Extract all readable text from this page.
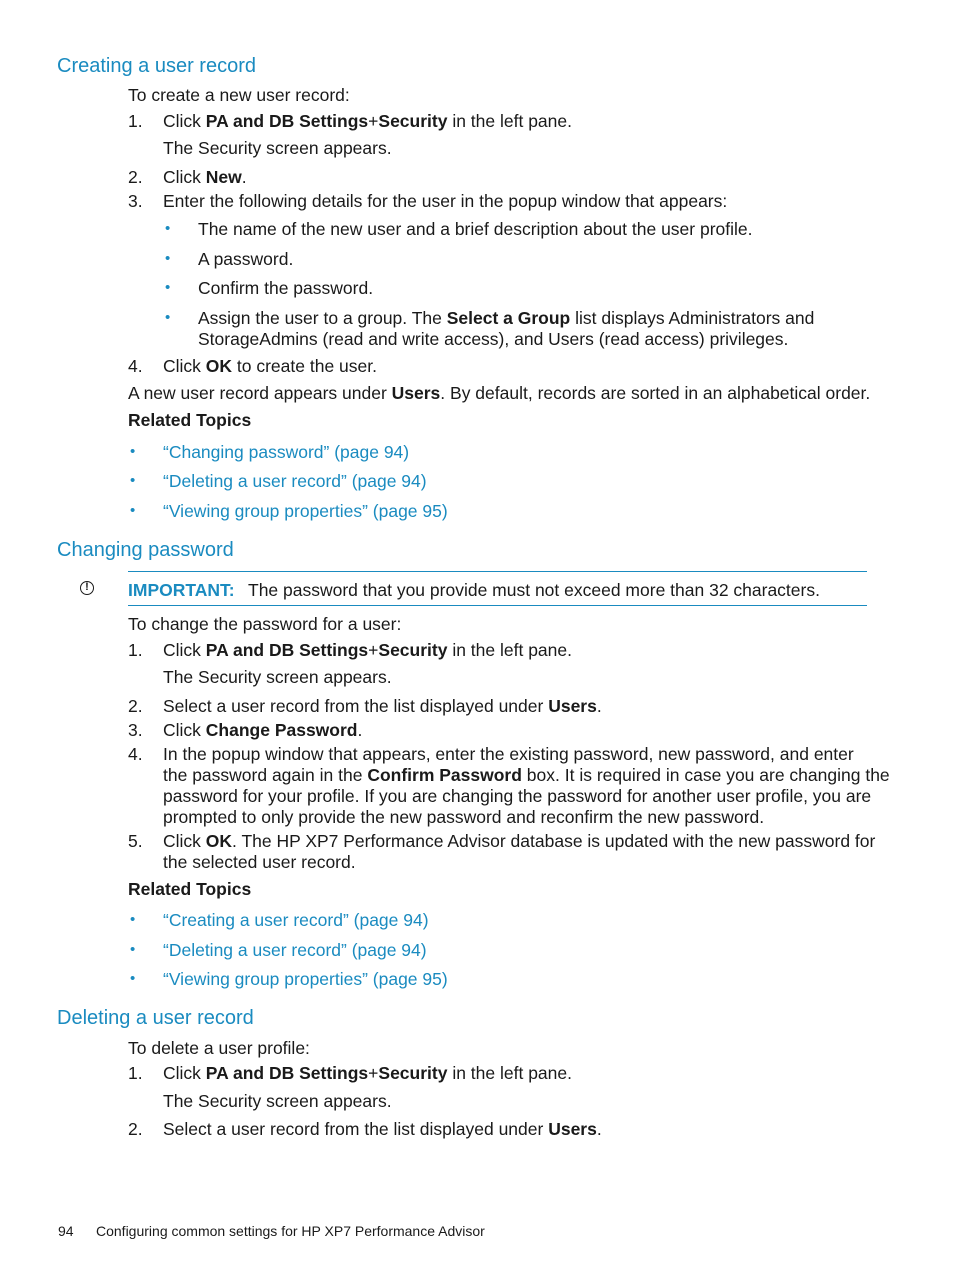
Creating a user record
To create a new user record:
1. Click PA and DB Settings+Security in the left pane.
The Security screen appears.
2. Click New.
3. Enter the following details for the user in the popup window that appears:
• The name of the new user and a brief description about the user profile.
• A password.
• Confirm the password.
• Assign the user to a group. The Select a Group list displays Administrators and
StorageAdmins (read and write access), and Users (read access) privileges.
4. Click OK to create the user.
A new user record appears under Users. By default, records are sorted in an alphabetical order.
Related Topics
• “Changing password” (page 94)
• “Deleting a user record” (page 94)
• “Viewing group properties” (page 95)
Changing password
! IMPORTANT: The password that you provide must not exceed more than 32 characters.
To change the password for a user:
1. Click PA and DB Settings+Security in the left pane.
The Security screen appears.
2. Select a user record from the list displayed under Users.
3. Click Change Password.
4. In the popup window that appears, enter the existing password, new password, and enter
the password again in the Confirm Password box. It is required in case you are changing the
password for your profile. If you are changing the password for another user profile, you are
prompted to only provide the new password and reconfirm the new password.
5. Click OK. The HP XP7 Performance Advisor database is updated with the new password for
the selected user record.
Related Topics
• “Creating a user record” (page 94)
• “Deleting a user record” (page 94)
• “Viewing group properties” (page 95)
Deleting a user record
To delete a user profile:
1. Click PA and DB Settings+Security in the left pane.
The Security screen appears.
2. Select a user record from the list displayed under Users.
94 Configuring common settings for HP XP7 Performance Advisor
